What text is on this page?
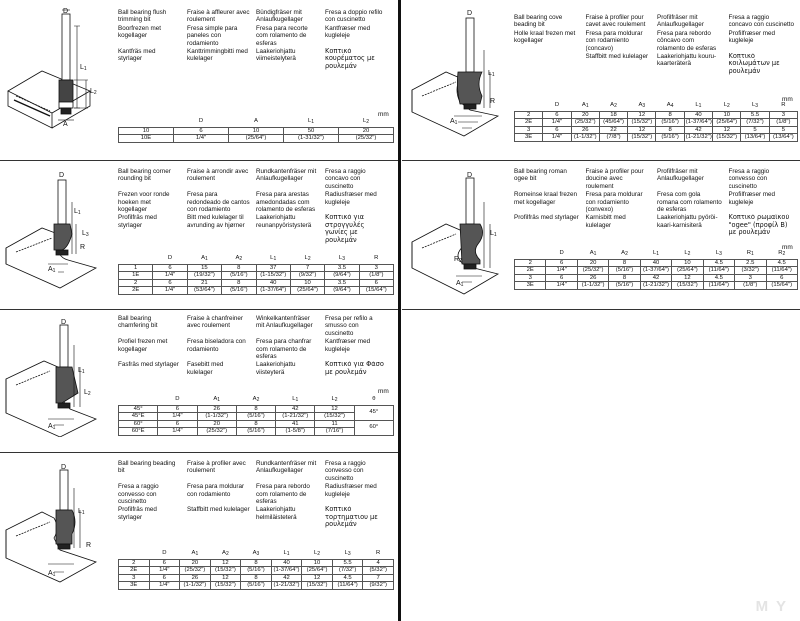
D
$L_1$
$L_2$
A
Ball bearing flush trimming bit
Fraise à affleurer avec roulement
Bündigfräser mit Anlaufkugellager
Fresa a doppio refilo con cuscinetto
Boorfrezen met kogellager
Fresa simple para paneles con rodamiento
Fresa para recorte com rolamento de esferas
Kantfræser med kugleleje
Kantfräs med styrlager
Kanttrimmingbitti med kulelager
Laakeriohjattu viimeistelyterä
Κοπτικό κουρέματος με ρουλεμάν
mm
	D	A	$L_1$	$L_2$
10	6	10	50	20
10E	1/4"	(25/64")	(1-31/32")	(25/32")
D
$L_1$
$L_3$
R
$A_1$
Ball bearing corner rounding bit
Fraise à arrondir avec roulement
Rundkantenfräser mit Anlaufkugellager
Fresa a raggio concavo con cuscinetto
Frezen voor ronde hoeken met kogellager
Fresa para redondeado de cantos con rodamiento
Fresa para arestas amedondadas com rolamento de esferas
Radiusfræser med kugleleje
Profilfräs med styrlager
Bitt med kulelager til avrunding av hjørner
Laakeriohjattu reunanpyöristysterä
Κοπτικό για στρογγυλές γωνίες με ρουλεμάν
	D	$A_1$	$A_2$	$L_1$	$L_2$	$L_3$	R
1	6	15	8	37	7	3.5	3
1E	1/4"	(19/32")	(5/16")	(1-15/32")	(9/32")	(9/64")	(1/8")
2	6	21	8	40	10	3.5	6
2E	1/4"	(53/64")	(5/16")	(1-37/64")	(25/64")	(9/64")	(15/64")
D
$L_1$
$L_2$
$A_1$
Ball bearing chamfering bit
Fraise à chanfreiner avec roulement
Winkelkantenfräser mit Anlaufkugellager
Fresa per refilo a smusso con cuscinetto
Profiel frezen met kogellager
Fresa biseladora con rodamiento
Fresa para chanfrar com rolamento de esferas
Kantfræser med kugleleje
Fasfräs med styrlager	Fasebitt med kulelager
Laakeriohjattu viisteyterä
Κοπτικό για Φάσο με ρουλεμάν
mm
	D	$A_1$	$A_2$	$L_1$	$L_2$	θ
45°	6	26	8	42	12	45°
45°E	1/4"	(1-1/32")	(5/16")	(1-21/32")	(15/32")	
60°	6	20	8	41	11	60°
60°E	1/4"	(25/32")	(5/16")	(1-5/8")	(7/16")	
D
$L_1$
R
$A_1$
Ball bearing beading bit
Fraise à profiler avec roulement
Rundkantenfräser mit Anlaufkugellager
Fresa a raggio convesso con cuscinetto
Fresa a raggio convesso con cuscinetto
Fresa para moldurar con rodamiento
Fresa para rebordo com rolamento de esferas
Radiusfræser med kugleleje
Profilfräs med styrlager
Staffbitt med kulelager Laakeriohjattu helmiläisteterä
Κοπτικό τορτηματιου με ρουλεμάν
	D	$A_1$	$A_2$	$A_3$	$L_1$	$L_2$	$L_3$	R
2	6	20	12	8	40	10	5.5	4
2E	1/4"	(25/32")	(15/32")	(5/16")	(1-37/64")	(25/64")	(7/32")	(5/32")
3	6	26	12	8	42	12	4.5	7
3E	1/4"	(1-1/32")	(15/32")	(5/16")	(1-21/32")	(15/32")	(11/64")	(9/32")
D
$L_1$
R
$A_1$
Ball bearing cove beading bit
Fraise à profiler pour cavet avec roulement
Profilfräser mit Anlaufkugellager
Fresa a raggio concavo con cuscinetto
Holle kraal frezen met kogellager
Fresa para moldurar con rodamiento (concavo)
Fresa para rebordo côncavo com rolamento de esferas
Profilfræser med kugleleje
Staffbitt med kulelager	Laakeriohjattu kouru-kaarteräterä
Κοπτικό κοιλωμάτων με ρουλεμάν
mm
	D	$A_1$	$A_2$	$A_3$	$A_4$	$L_1$	$L_2$	$L_3$	R
2	6	20	18	12	8	40	10	5.5	3
2E	1/4"	(25/32")	(45/64")	(15/32")	(5/16")	(1-37/64")	(25/64")	(7/32")	(1/8")
3	6	26	22	12	8	42	12	5	5
3E	1/4"	(1-1/32")	(7/8")	(15/32")	(5/16")	(1-21/32")	(15/32")	(13/64")	(13/64")
D
$L_1$
$R_2$
$A_1$
Ball bearing roman ogee bit
Fraise à profiler pour doucine avec roulement
Profilfräser mit Anlaufkugellager
Fresa a raggio convesso con cuscinetto
Romeinse kraal frezen met kogellager
Fresa para moldurar con rodamiento (convexo)
Fresa com gola romana com rolamento de esferas
Profilfræser med kugleleje
Profilfräs med styrlager Karnisbitt med kulelager
Laakeriohjattu pyöröi-kaari-karnisiterä
Κοπτικό ρωμαϊκού "ogee" (προφίλ Β) με ρουλεμάν
mm
	D	$A_1$	$A_2$	$L_1$	$L_2$	$L_3$	$R_1$	$R_2$
2	6	20	8	40	10	4.5	2.5	4.5
2E	1/4"	(25/32")	(5/16")	(1-37/64")	(25/64")	(11/64")	(3/32")	(11/64")
3	6	26	8	42	12	4.5	3	6
3E	1/4"	(1-1/32")	(5/16")	(1-21/32")	(15/32")	(11/64")	(1/8")	(15/64")
M Y
